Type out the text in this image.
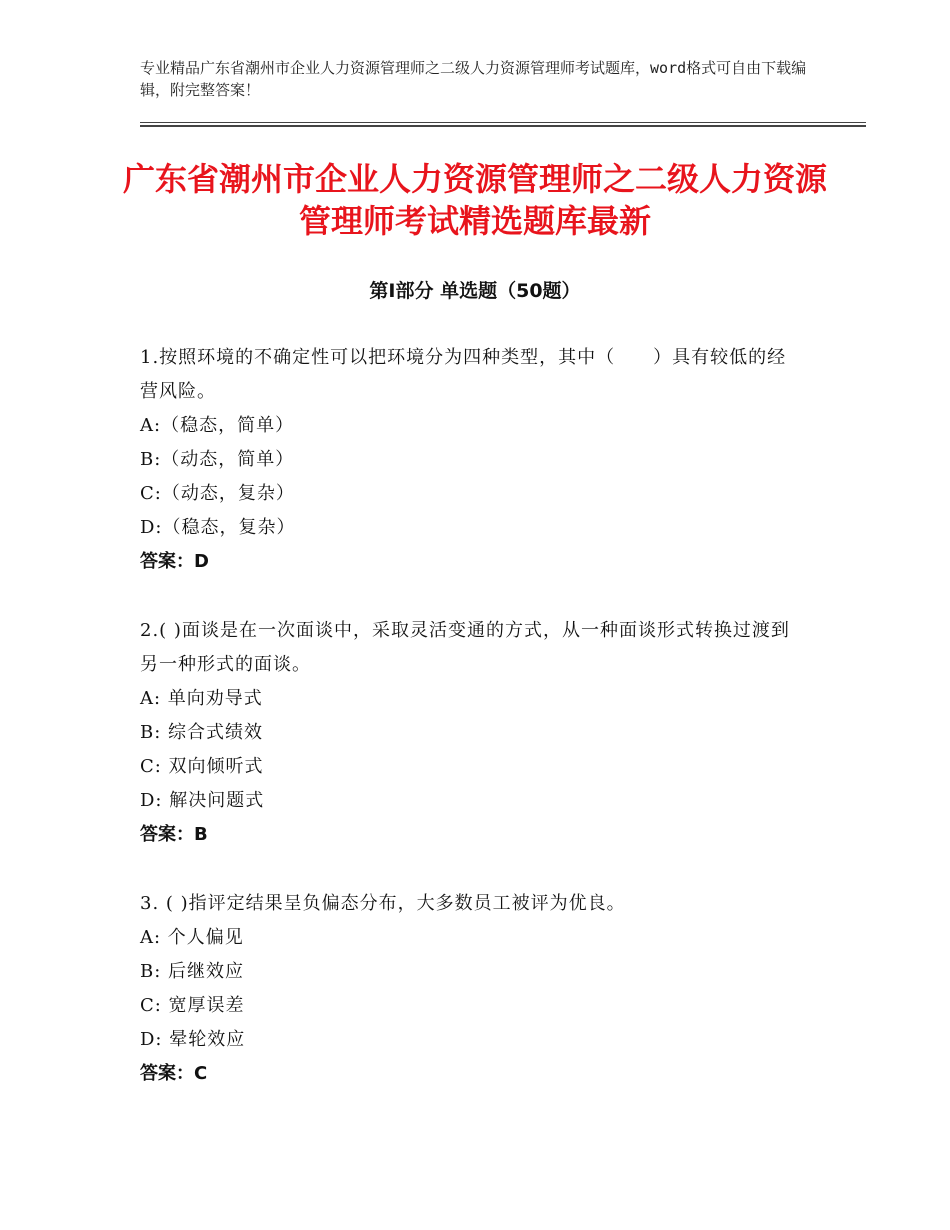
专业精品广东省潮州市企业人力资源管理师之二级人力资源管理师考试题库，word格式可自由下载编辑，附完整答案！
广东省潮州市企业人力资源管理师之二级人力资源管理师考试精选题库最新
第Ⅰ部分 单选题（50题）

1.按照环境的不确定性可以把环境分为四种类型，其中（　　）具有较低的经营风险。

A:（稳态，简单）

B:（动态，简单）

C:（动态，复杂）

D:（稳态，复杂）

答案：D

2.( )面谈是在一次面谈中，采取灵活变通的方式，从一种面谈形式转换过渡到另一种形式的面谈。

A: 单向劝导式

B: 综合式绩效

C: 双向倾听式

D: 解决问题式

答案：B

3. ( )指评定结果呈负偏态分布，大多数员工被评为优良。

A: 个人偏见

B: 后继效应

C: 宽厚误差

D: 晕轮效应

答案：C
